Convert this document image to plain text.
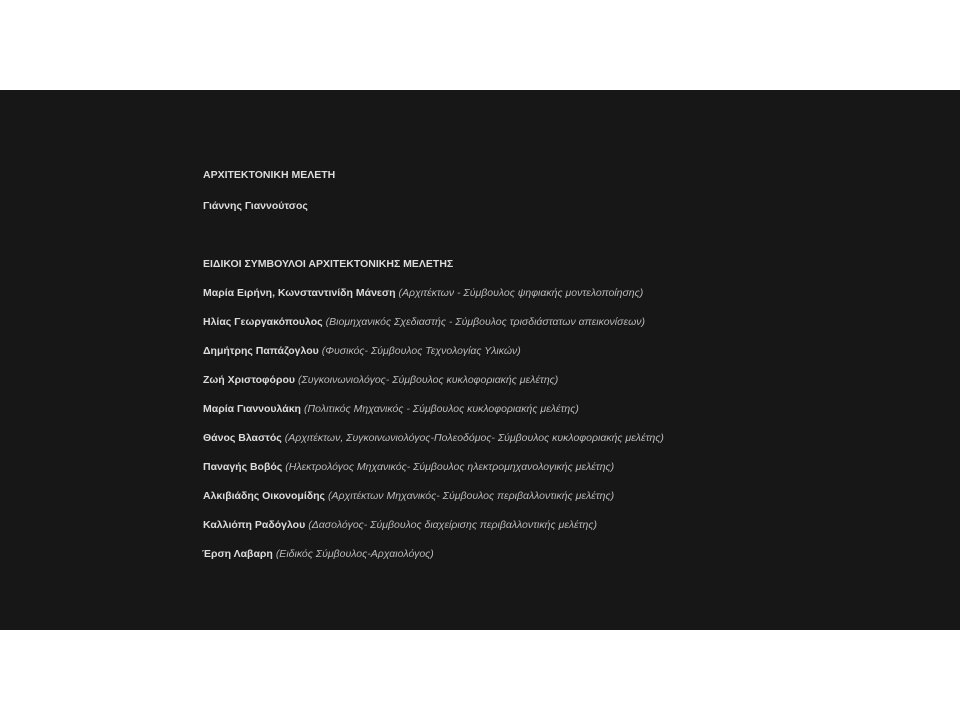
ΑΡΧΙΤΕΚΤΟΝΙΚΗ ΜΕΛΕΤΗ
Γιάννης Γιαννούτσος
ΕΙΔΙΚΟΙ ΣΥΜΒΟΥΛΟΙ ΑΡΧΙΤΕΚΤΟΝΙΚΗΣ ΜΕΛΕΤΗΣ
Μαρία Ειρήνη, Κωνσταντινίδη Μάνεση (Αρχιτέκτων - Σύμβουλος ψηφιακής μοντελοποίησης)
Ηλίας Γεωργακόπουλος (Βιομηχανικός Σχεδιαστής - Σύμβουλος τρισδιάστατων απεικονίσεων)
Δημήτρης Παπάζογλου (Φυσικός- Σύμβουλος Τεχνολογίας Υλικών)
Ζωή Χριστοφόρου (Συγκοινωνιολόγος- Σύμβουλος κυκλοφοριακής μελέτης)
Μαρία Γιαννουλάκη (Πολιτικός Μηχανικός - Σύμβουλος κυκλοφοριακής μελέτης)
Θάνος Βλαστός (Αρχιτέκτων, Συγκοινωνιολόγος-Πολεοδόμος- Σύμβουλος κυκλοφοριακής μελέτης)
Παναγής Βοβός (Ηλεκτρολόγος Μηχανικός- Σύμβουλος ηλεκτρομηχανολογικής μελέτης)
Αλκιβιάδης Οικονομίδης (Αρχιτέκτων Μηχανικός- Σύμβουλος περιβαλλοντικής μελέτης)
Καλλιόπη Ραδόγλου (Δασολόγος- Σύμβουλος διαχείρισης περιβαλλοντικής μελέτης)
Έρση Λαβαρη (Ειδικός Σύμβουλος-Αρχαιολόγος)
